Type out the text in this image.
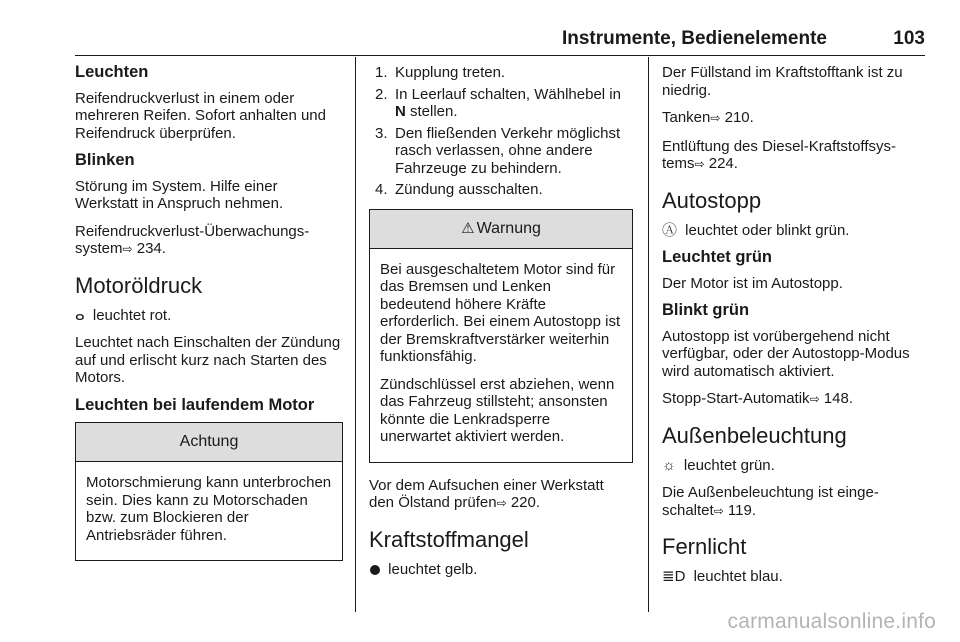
Instrumente, Bedienelemente	103
Leuchten

Reifendruckverlust in einem oder mehreren Reifen. Sofort anhalten und Reifendruck überprüfen.

Blinken

Störung im System. Hilfe einer Werkstatt in Anspruch nehmen.

Reifendruckverlust-Überwachungssystem⇨ 234.

Motoröldruck

ⴰ leuchtet rot.

Leuchtet nach Einschalten der Zündung auf und erlischt kurz nach Starten des Motors.

Leuchten bei laufendem Motor
Achtung

Motorschmierung kann unterbrochen sein. Dies kann zu Motorschaden bzw. zum Blockieren der Antriebsräder führen.

1. Kupplung treten.
2. In Leerlauf schalten, Wählhebel in N stellen.
3. Den fließenden Verkehr möglichst rasch verlassen, ohne andere Fahrzeuge zu behindern.
4. Zündung ausschalten.
⚠ Warnung

Bei ausgeschaltetem Motor sind für das Bremsen und Lenken bedeutend höhere Kräfte erforderlich. Bei einem Autostopp ist der Bremskraftverstärker weiterhin funktionsfähig.

Zündschlüssel erst abziehen, wenn das Fahrzeug stillsteht; ansonsten könnte die Lenkradsperre unerwartet aktiviert werden.

Vor dem Aufsuchen einer Werkstatt den Ölstand prüfen⇨ 220.

Kraftstoffmangel

leuchtet gelb.

Der Füllstand im Kraftstofftank ist zu niedrig.

Tanken⇨ 210.

Entlüftung des Diesel-Kraftstoffsystems⇨ 224.

Autostopp

Ⓐ leuchtet oder blinkt grün.

Leuchtet grün

Der Motor ist im Autostopp.

Blinkt grün

Autostopp ist vorübergehend nicht verfügbar, oder der Autostopp-Modus wird automatisch aktiviert.

Stopp-Start-Automatik⇨ 148.

Außenbeleuchtung

☼ leuchtet grün.

Die Außenbeleuchtung ist eingeschaltet⇨ 119.

Fernlicht

≣D leuchtet blau.

carmanualsonline.info
